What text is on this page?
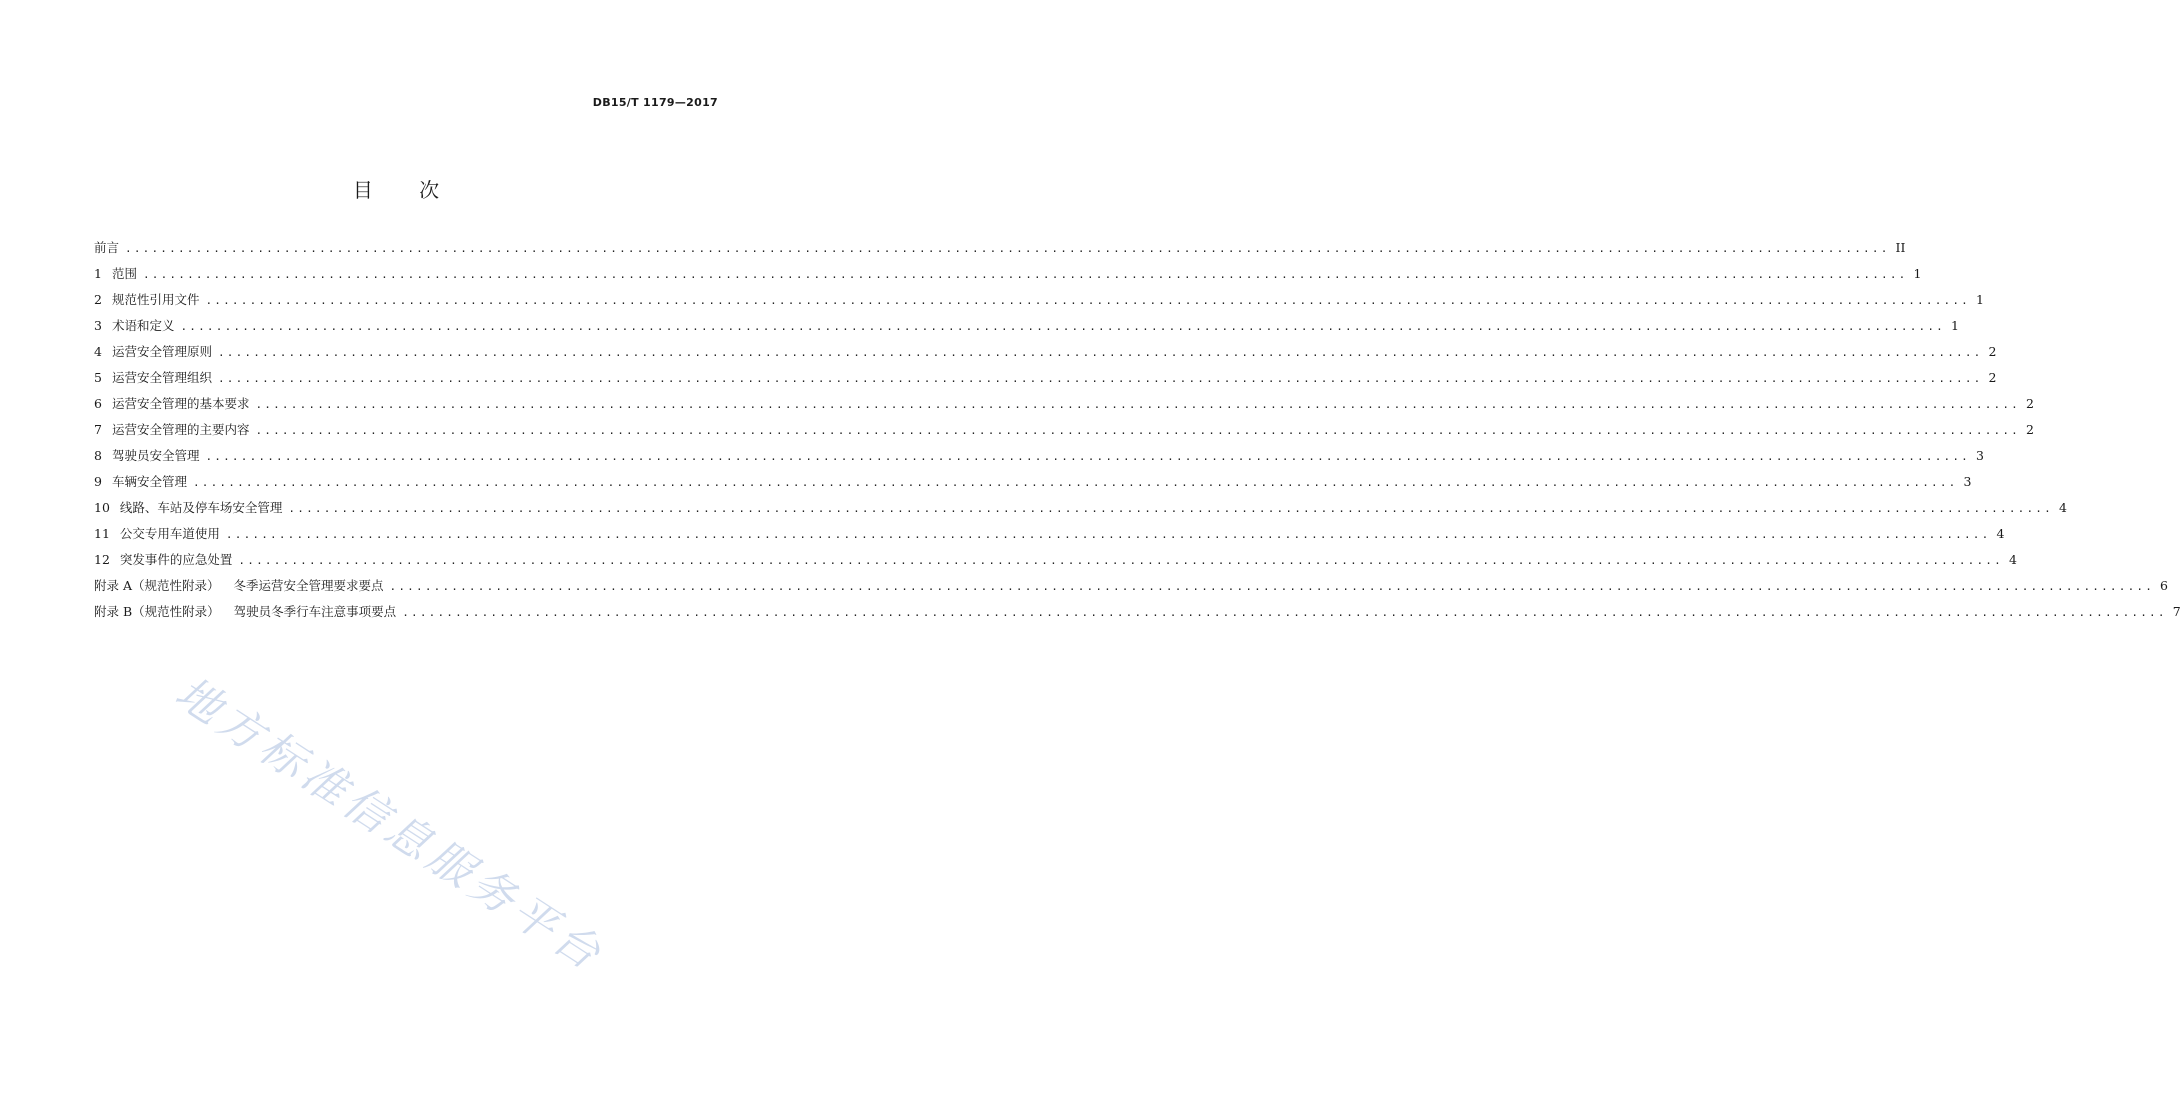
DB15/T 1179—2017
目 次
前言 ........................................................................................................................................................................................................ II
1 范围 ........................................................................................................................................................................................................ 1
2 规范性引用文件 ........................................................................................................................................................................................................ 1
3 术语和定义 ........................................................................................................................................................................................................ 1
4 运营安全管理原则 ........................................................................................................................................................................................................ 2
5 运营安全管理组织 ........................................................................................................................................................................................................ 2
6 运营安全管理的基本要求 ........................................................................................................................................................................................................ 2
7 运营安全管理的主要内容 ........................................................................................................................................................................................................ 2
8 驾驶员安全管理 ........................................................................................................................................................................................................ 3
9 车辆安全管理 ........................................................................................................................................................................................................ 3
10 线路、车站及停车场安全管理 ........................................................................................................................................................................................................ 4
11 公交专用车道使用 ........................................................................................................................................................................................................ 4
12 突发事件的应急处置 ........................................................................................................................................................................................................ 4
附录 A（规范性附录） 冬季运营安全管理要求要点 ........................................................................................................................................................................................................ 6
附录 B（规范性附录） 驾驶员冬季行车注意事项要点 ........................................................................................................................................................................................................ 7
地方标准信息服务平台
